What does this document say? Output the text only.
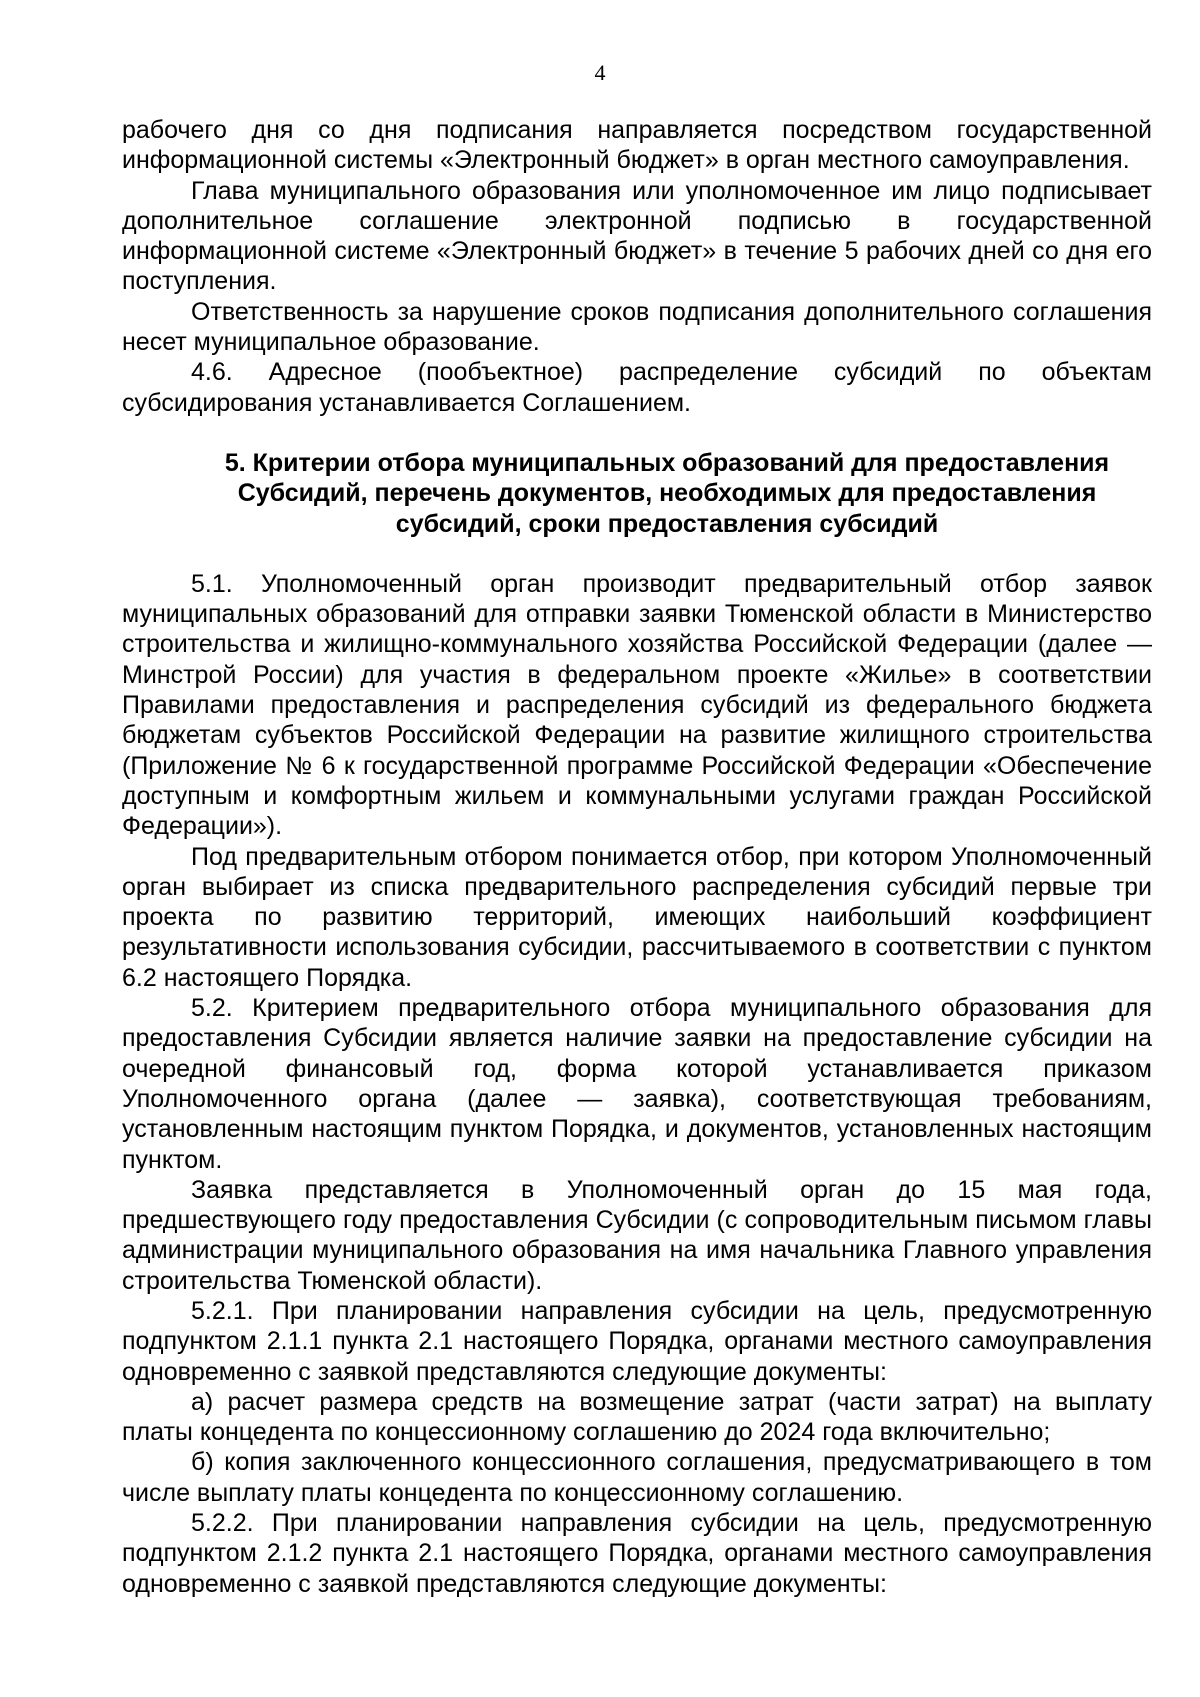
4

рабочего дня со дня подписания направляется посредством государственной информационной системы «Электронный бюджет» в орган местного самоуправления.

Глава муниципального образования или уполномоченное им лицо подписывает дополнительное соглашение электронной подписью в государственной информационной системе «Электронный бюджет» в течение 5 рабочих дней со дня его поступления.

Ответственность за нарушение сроков подписания дополнительного соглашения несет муниципальное образование.

4.6. Адресное (пообъектное) распределение субсидий по объектам субсидирования устанавливается Соглашением.

5. Критерии отбора муниципальных образований для предоставления
Субсидий, перечень документов, необходимых для предоставления
субсидий, сроки предоставления субсидий

5.1. Уполномоченный орган производит предварительный отбор заявок муниципальных образований для отправки заявки Тюменской области в Министерство строительства и жилищно-коммунального хозяйства Российской Федерации (далее — Минстрой России) для участия в федеральном проекте «Жилье» в соответствии Правилами предоставления и распределения субсидий из федерального бюджета бюджетам субъектов Российской Федерации на развитие жилищного строительства (Приложение № 6 к государственной программе Российской Федерации «Обеспечение доступным и комфортным жильем и коммунальными услугами граждан Российской Федерации»).

Под предварительным отбором понимается отбор, при котором Уполномоченный орган выбирает из списка предварительного распределения субсидий первые три проекта по развитию территорий, имеющих наибольший коэффициент результативности использования субсидии, рассчитываемого в соответствии с пунктом 6.2 настоящего Порядка.

5.2. Критерием предварительного отбора муниципального образования для предоставления Субсидии является наличие заявки на предоставление субсидии на очередной финансовый год, форма которой устанавливается приказом Уполномоченного органа (далее — заявка), соответствующая требованиям, установленным настоящим пунктом Порядка, и документов, установленных настоящим пунктом.

Заявка представляется в Уполномоченный орган до 15 мая года, предшествующего году предоставления Субсидии (с сопроводительным письмом главы администрации муниципального образования на имя начальника Главного управления строительства Тюменской области).

5.2.1. При планировании направления субсидии на цель, предусмотренную подпунктом 2.1.1 пункта 2.1 настоящего Порядка, органами местного самоуправления одновременно с заявкой представляются следующие документы:

а) расчет размера средств на возмещение затрат (части затрат) на выплату платы концедента по концессионному соглашению до 2024 года включительно;

б) копия заключенного концессионного соглашения, предусматривающего в том числе выплату платы концедента по концессионному соглашению.

5.2.2. При планировании направления субсидии на цель, предусмотренную подпунктом 2.1.2 пункта 2.1 настоящего Порядка, органами местного самоуправления одновременно с заявкой представляются следующие документы:
